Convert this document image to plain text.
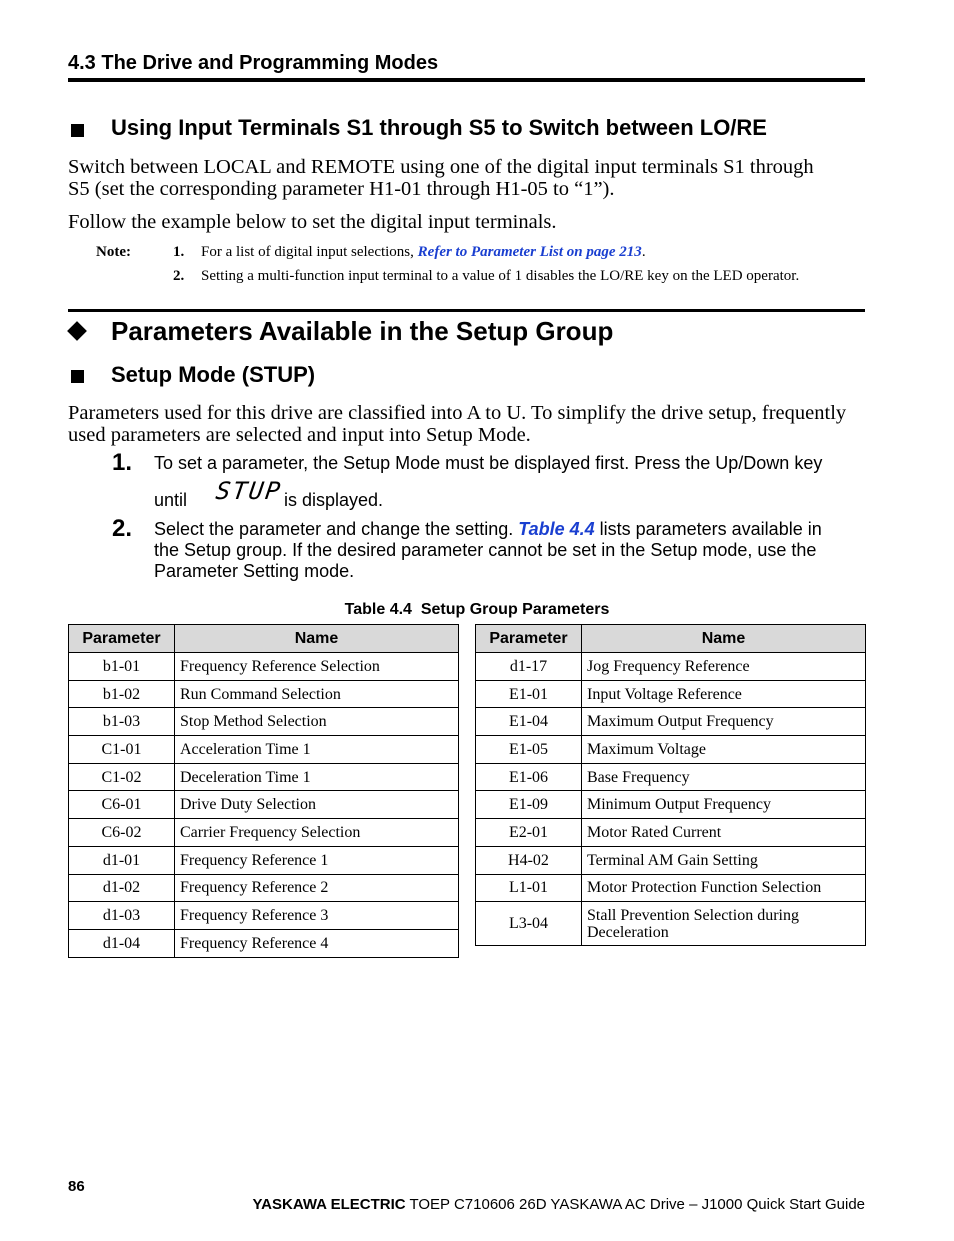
4.3 The Drive and Programming Modes
Using Input Terminals S1 through S5 to Switch between LO/RE
Switch between LOCAL and REMOTE using one of the digital input terminals S1 through
S5 (set the corresponding parameter H1-01 through H1-05 to “1”).
Follow the example below to set the digital input terminals.
Note:	1. For a list of digital input selections, Refer to Parameter List on page 213.
2. Setting a multi-function input terminal to a value of 1 disables the LO/RE key on the LED operator.
Parameters Available in the Setup Group
Setup Mode (STUP)
Parameters used for this drive are classified into A to U. To simplify the drive setup, frequently
used parameters are selected and input into Setup Mode.
1. To set a parameter, the Setup Mode must be displayed first. Press the Up/Down key
until STUP is displayed.
2. Select the parameter and change the setting. Table 4.4 lists parameters available in
the Setup group. If the desired parameter cannot be set in the Setup mode, use the
Parameter Setting mode.
Table 4.4  Setup Group Parameters
Parameter	Name
b1-01	Frequency Reference Selection
b1-02	Run Command Selection
b1-03	Stop Method Selection
C1-01	Acceleration Time 1
C1-02	Deceleration Time 1
C6-01	Drive Duty Selection
C6-02	Carrier Frequency Selection
d1-01	Frequency Reference 1
d1-02	Frequency Reference 2
d1-03	Frequency Reference 3
d1-04	Frequency Reference 4
Parameter	Name
d1-17	Jog Frequency Reference
E1-01	Input Voltage Reference
E1-04	Maximum Output Frequency
E1-05	Maximum Voltage
E1-06	Base Frequency
E1-09	Minimum Output Frequency
E2-01	Motor Rated Current
H4-02	Terminal AM Gain Setting
L1-01	Motor Protection Function Selection
L3-04	Stall Prevention Selection during Deceleration
86

YASKAWA ELECTRIC TOEP C710606 26D YASKAWA AC Drive – J1000 Quick Start Guide
